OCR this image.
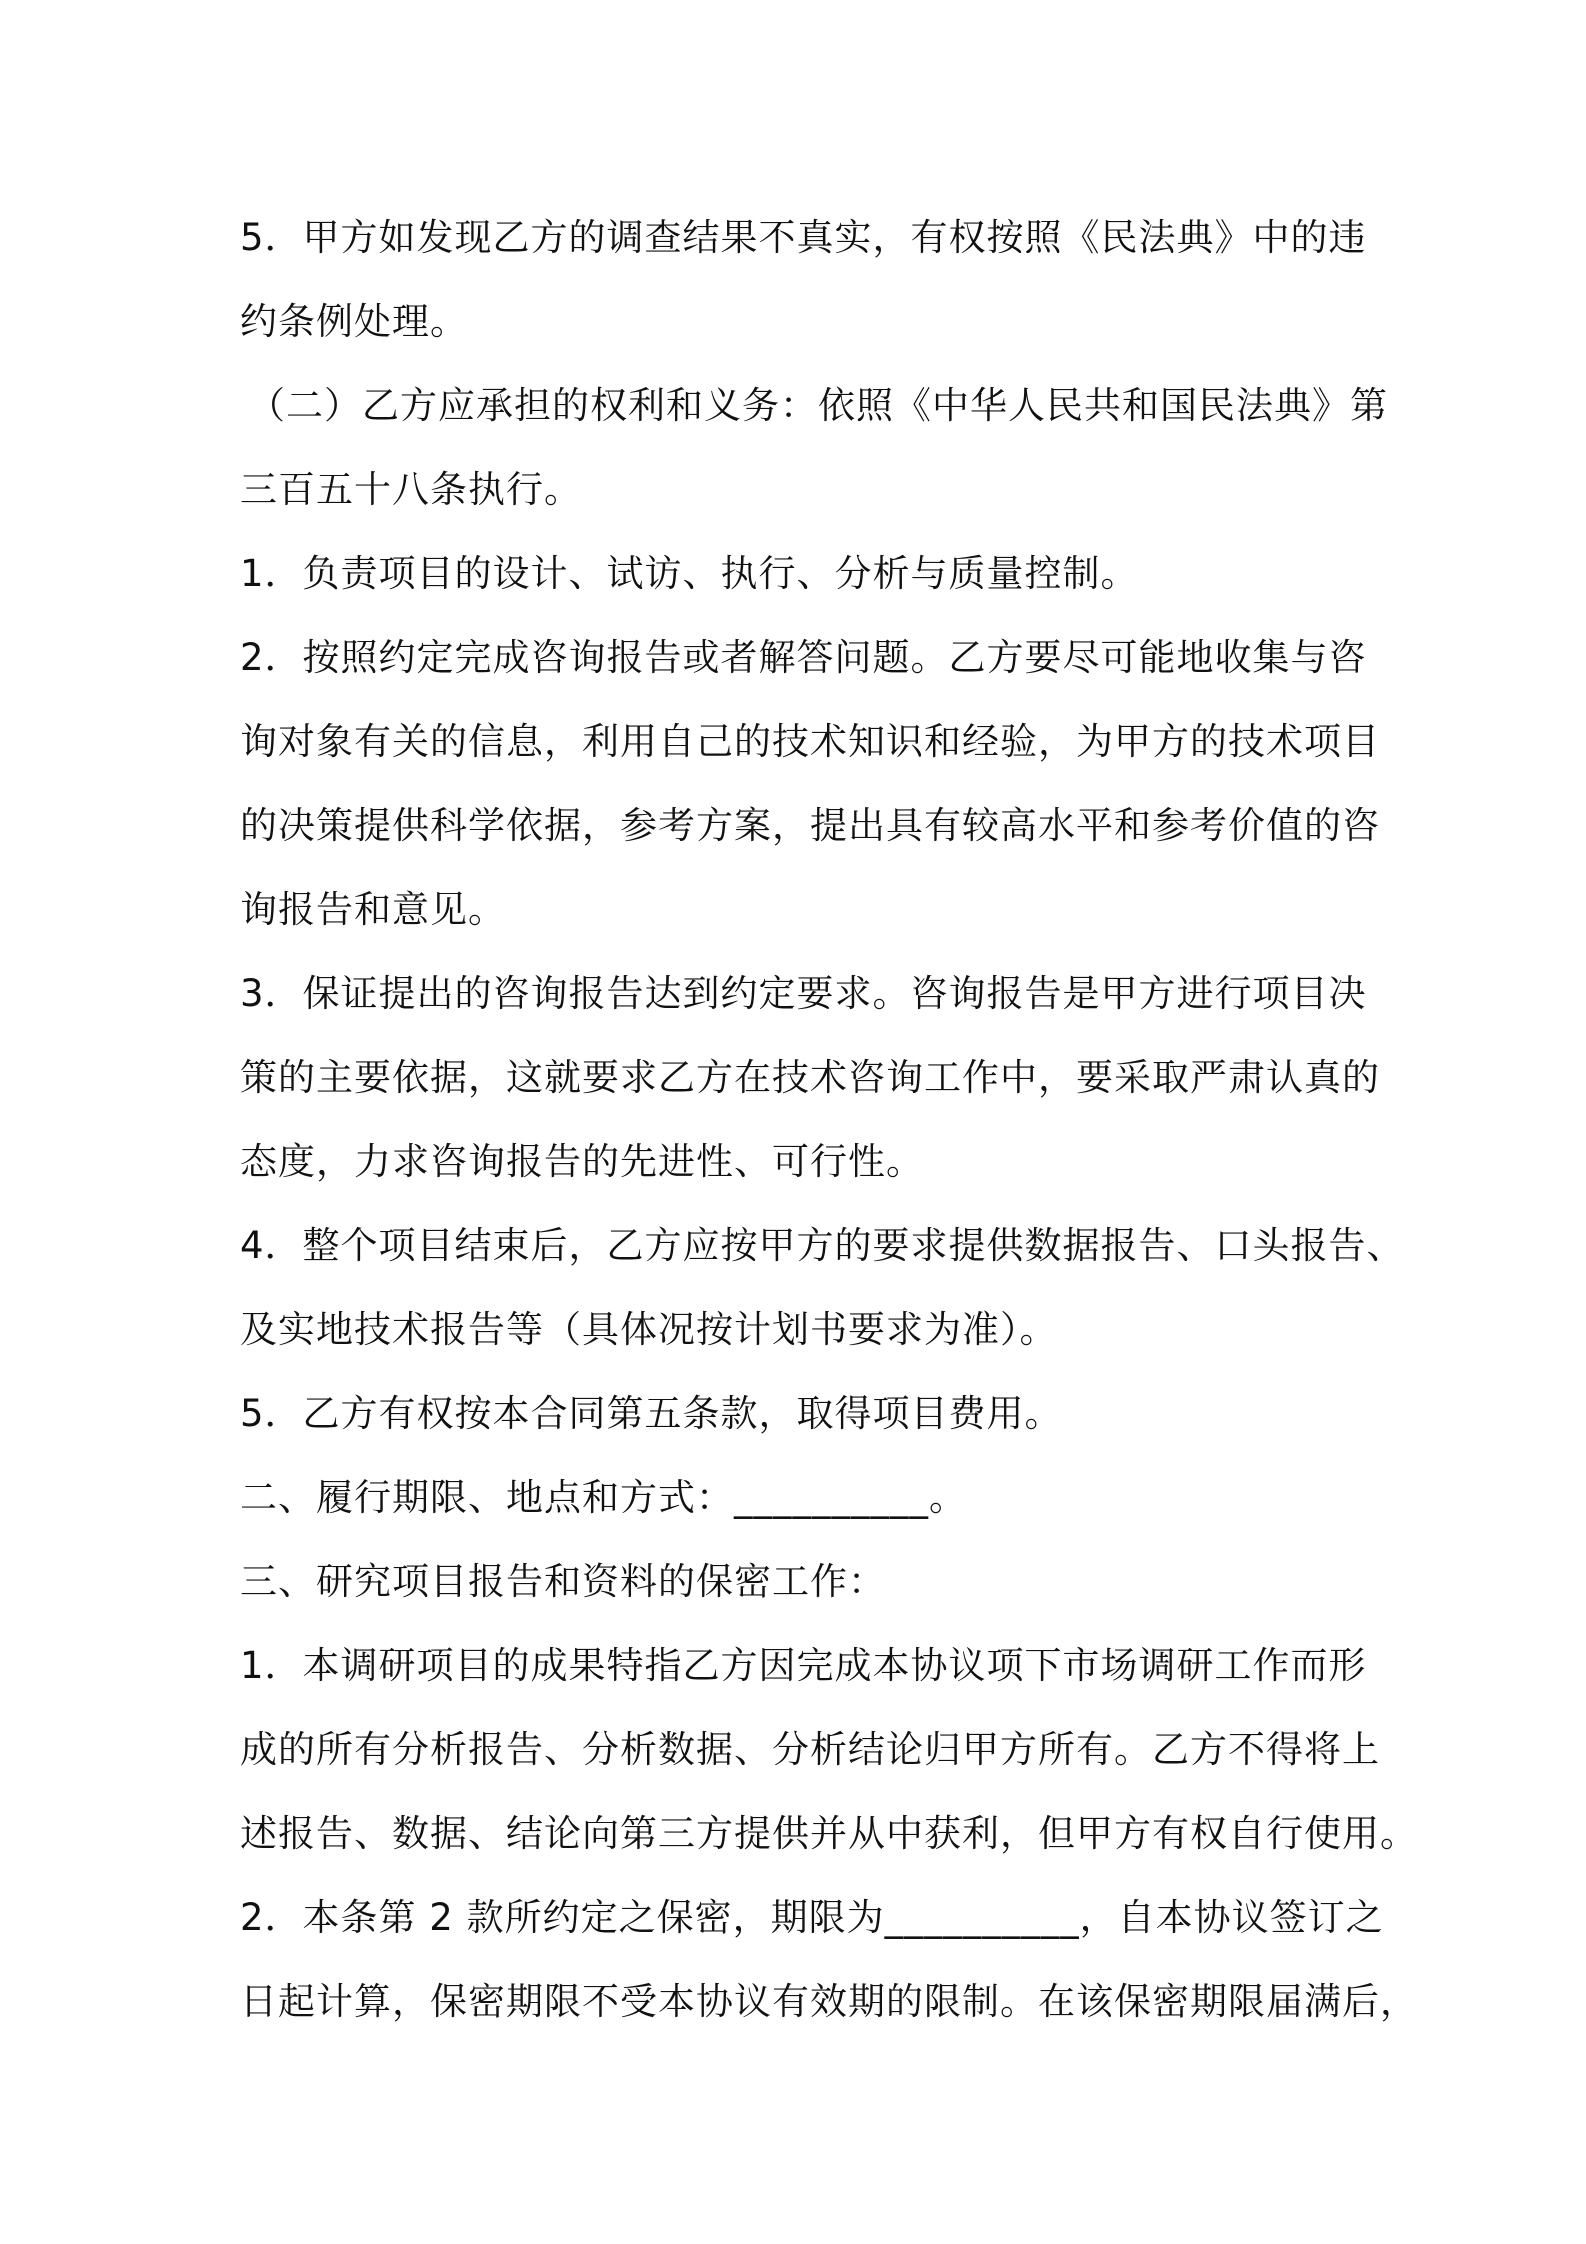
5．甲方如发现乙方的调查结果不真实，有权按照《民法典》中的违
约条例处理。
（二）乙方应承担的权利和义务：依照《中华人民共和国民法典》第
三百五十八条执行。
1．负责项目的设计、试访、执行、分析与质量控制。
2．按照约定完成咨询报告或者解答问题。乙方要尽可能地收集与咨
询对象有关的信息，利用自己的技术知识和经验，为甲方的技术项目
的决策提供科学依据，参考方案，提出具有较高水平和参考价值的咨
询报告和意见。
3．保证提出的咨询报告达到约定要求。咨询报告是甲方进行项目决
策的主要依据，这就要求乙方在技术咨询工作中，要采取严肃认真的
态度，力求咨询报告的先进性、可行性。
4．整个项目结束后，乙方应按甲方的要求提供数据报告、口头报告、
及实地技术报告等（具体况按计划书要求为准）。
5．乙方有权按本合同第五条款，取得项目费用。
二、履行期限、地点和方式：__________。
三、研究项目报告和资料的保密工作：
1．本调研项目的成果特指乙方因完成本协议项下市场调研工作而形
成的所有分析报告、分析数据、分析结论归甲方所有。乙方不得将上
述报告、数据、结论向第三方提供并从中获利，但甲方有权自行使用。
2．本条第 2 款所约定之保密，期限为__________，自本协议签订之
日起计算，保密期限不受本协议有效期的限制。在该保密期限届满后，
